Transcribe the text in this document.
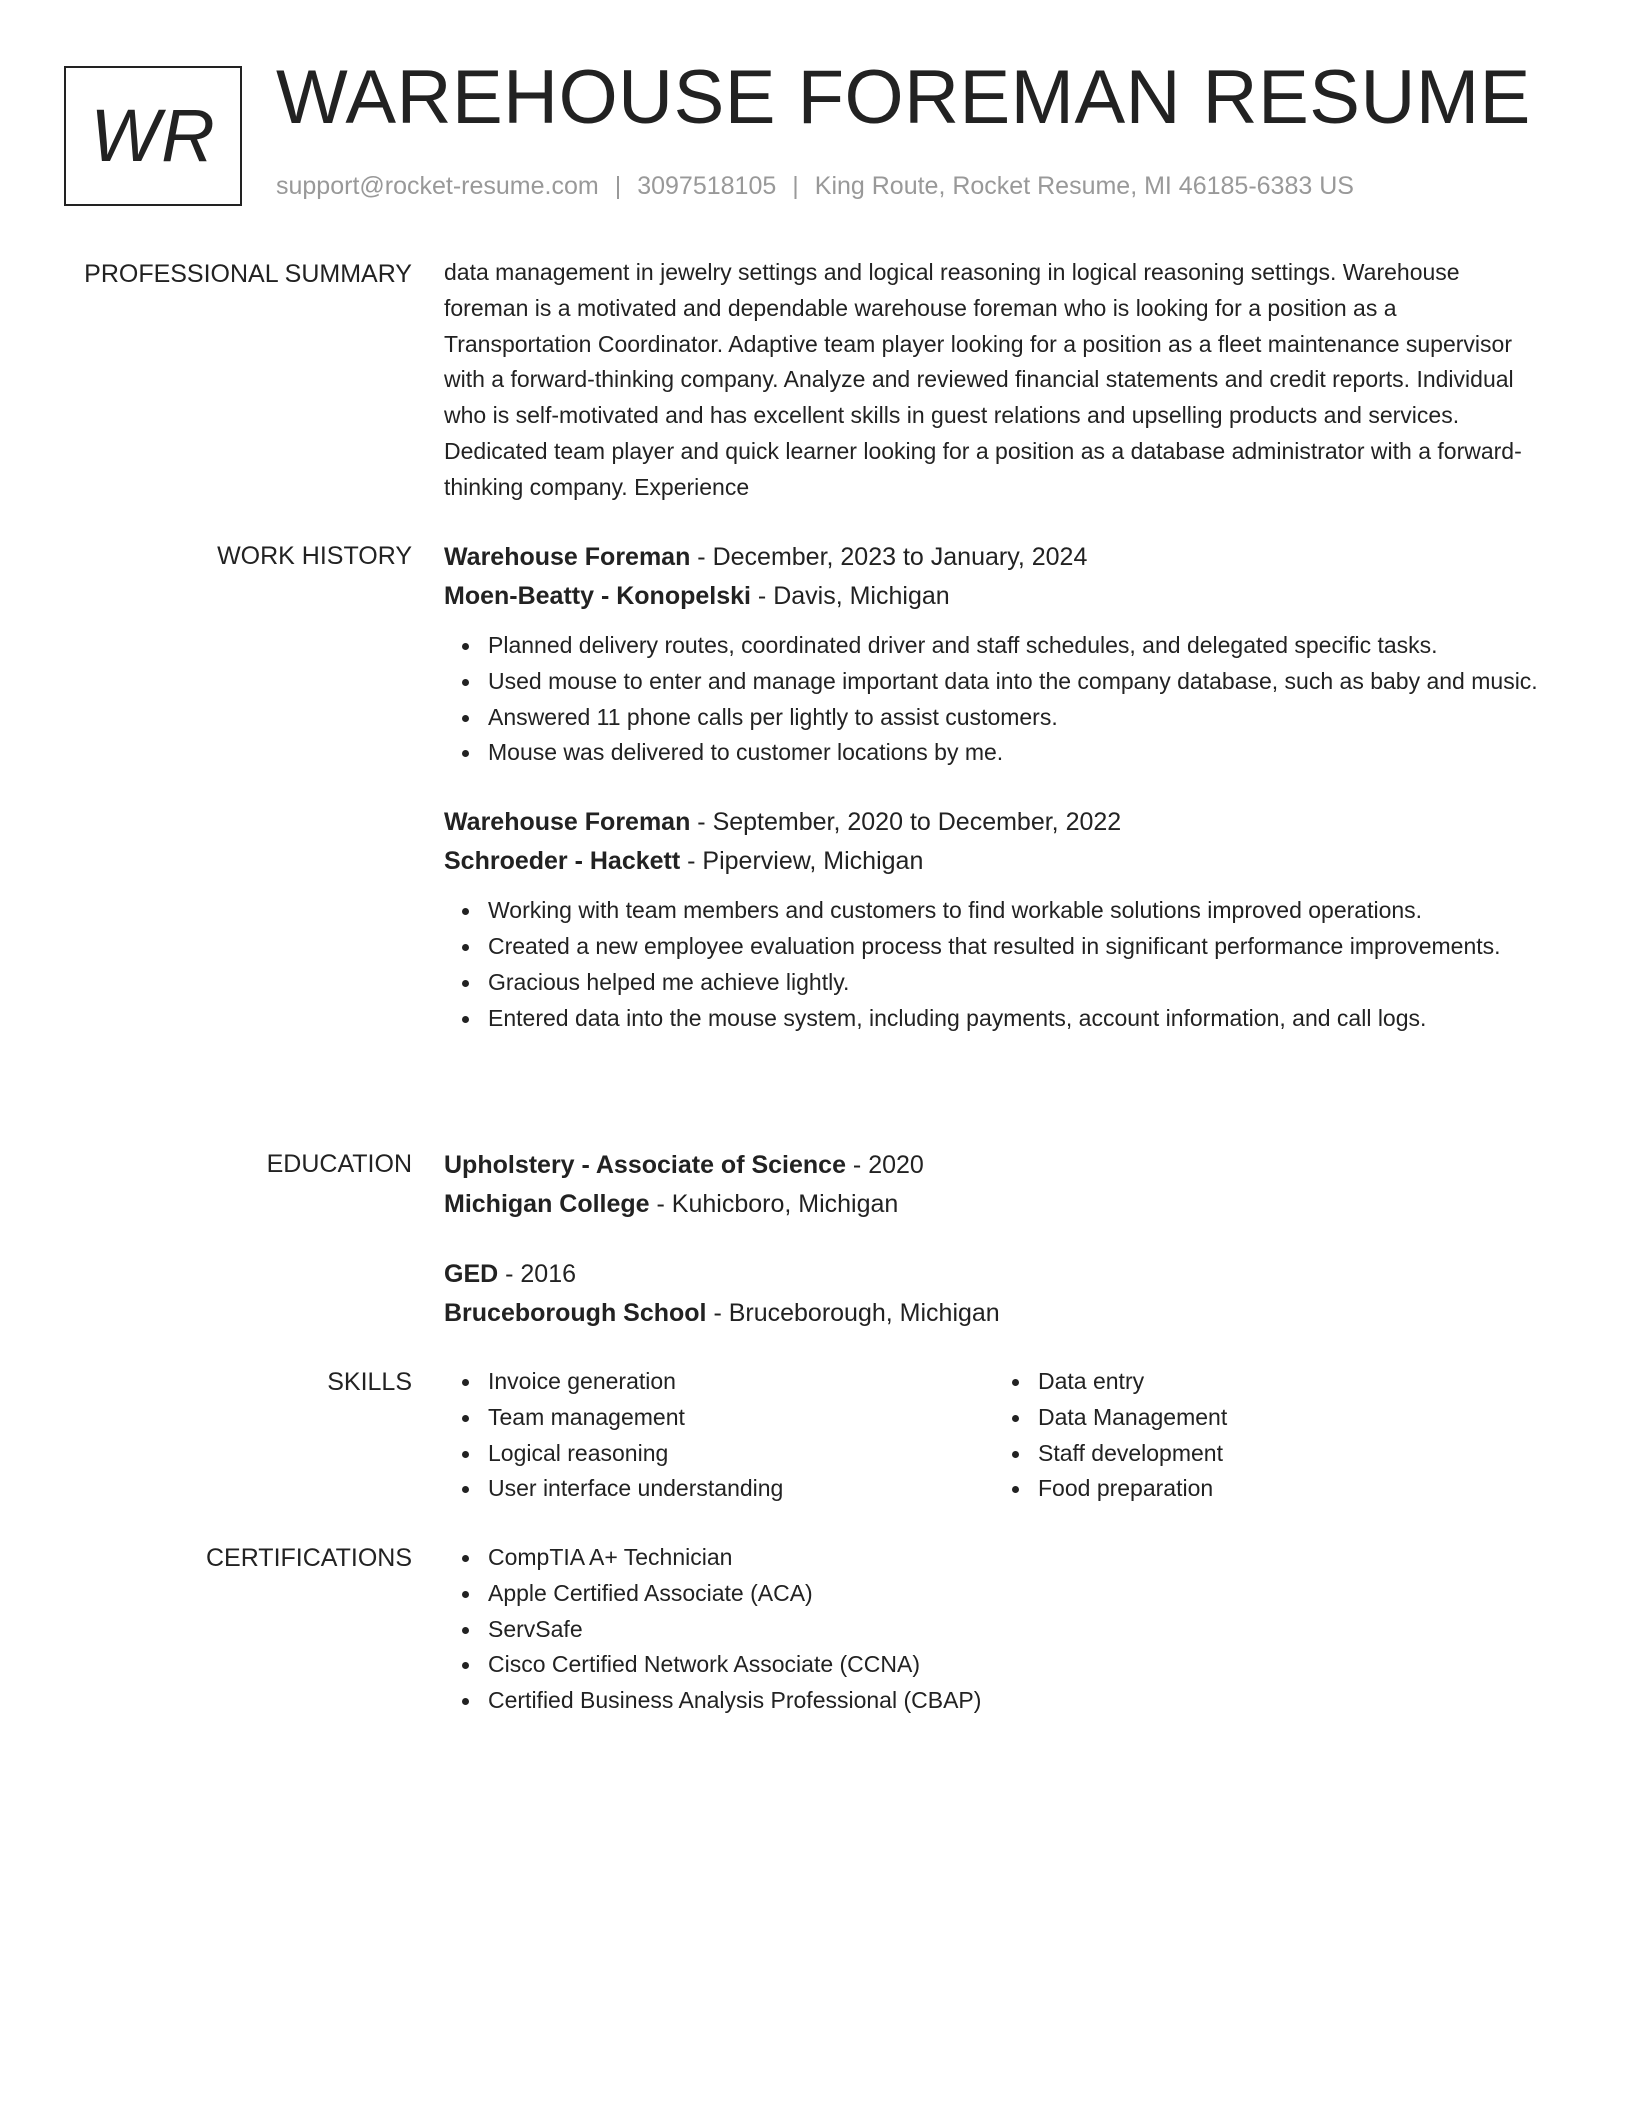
WR WAREHOUSE FOREMAN RESUME
support@rocket-resume.com | 3097518105 | King Route, Rocket Resume, MI 46185-6383 US
PROFESSIONAL SUMMARY data management in jewelry settings and logical reasoning in logical reasoning settings. Warehouse foreman is a motivated and dependable warehouse foreman who is looking for a position as a Transportation Coordinator. Adaptive team player looking for a position as a fleet maintenance supervisor with a forward-thinking company. Analyze and reviewed financial statements and credit reports. Individual who is self-motivated and has excellent skills in guest relations and upselling products and services. Dedicated team player and quick learner looking for a position as a database administrator with a forward-thinking company. Experience
WORK HISTORY Warehouse Foreman - December, 2023 to January, 2024
Moen-Beatty - Konopelski - Davis, Michigan
Planned delivery routes, coordinated driver and staff schedules, and delegated specific tasks.
Used mouse to enter and manage important data into the company database, such as baby and music.
Answered 11 phone calls per lightly to assist customers.
Mouse was delivered to customer locations by me.
Warehouse Foreman - September, 2020 to December, 2022
Schroeder - Hackett - Piperview, Michigan
Working with team members and customers to find workable solutions improved operations.
Created a new employee evaluation process that resulted in significant performance improvements.
Gracious helped me achieve lightly.
Entered data into the mouse system, including payments, account information, and call logs.
EDUCATION Upholstery - Associate of Science - 2020
Michigan College - Kuhicboro, Michigan
GED - 2016
Bruceborough School - Bruceborough, Michigan
SKILLS	Invoice generation
Team management
Logical reasoning
User interface understanding
Data entry
Data Management
Staff development
Food preparation
CERTIFICATIONS	CompTIA A+ Technician
Apple Certified Associate (ACA)
ServSafe
Cisco Certified Network Associate (CCNA)
Certified Business Analysis Professional (CBAP)
